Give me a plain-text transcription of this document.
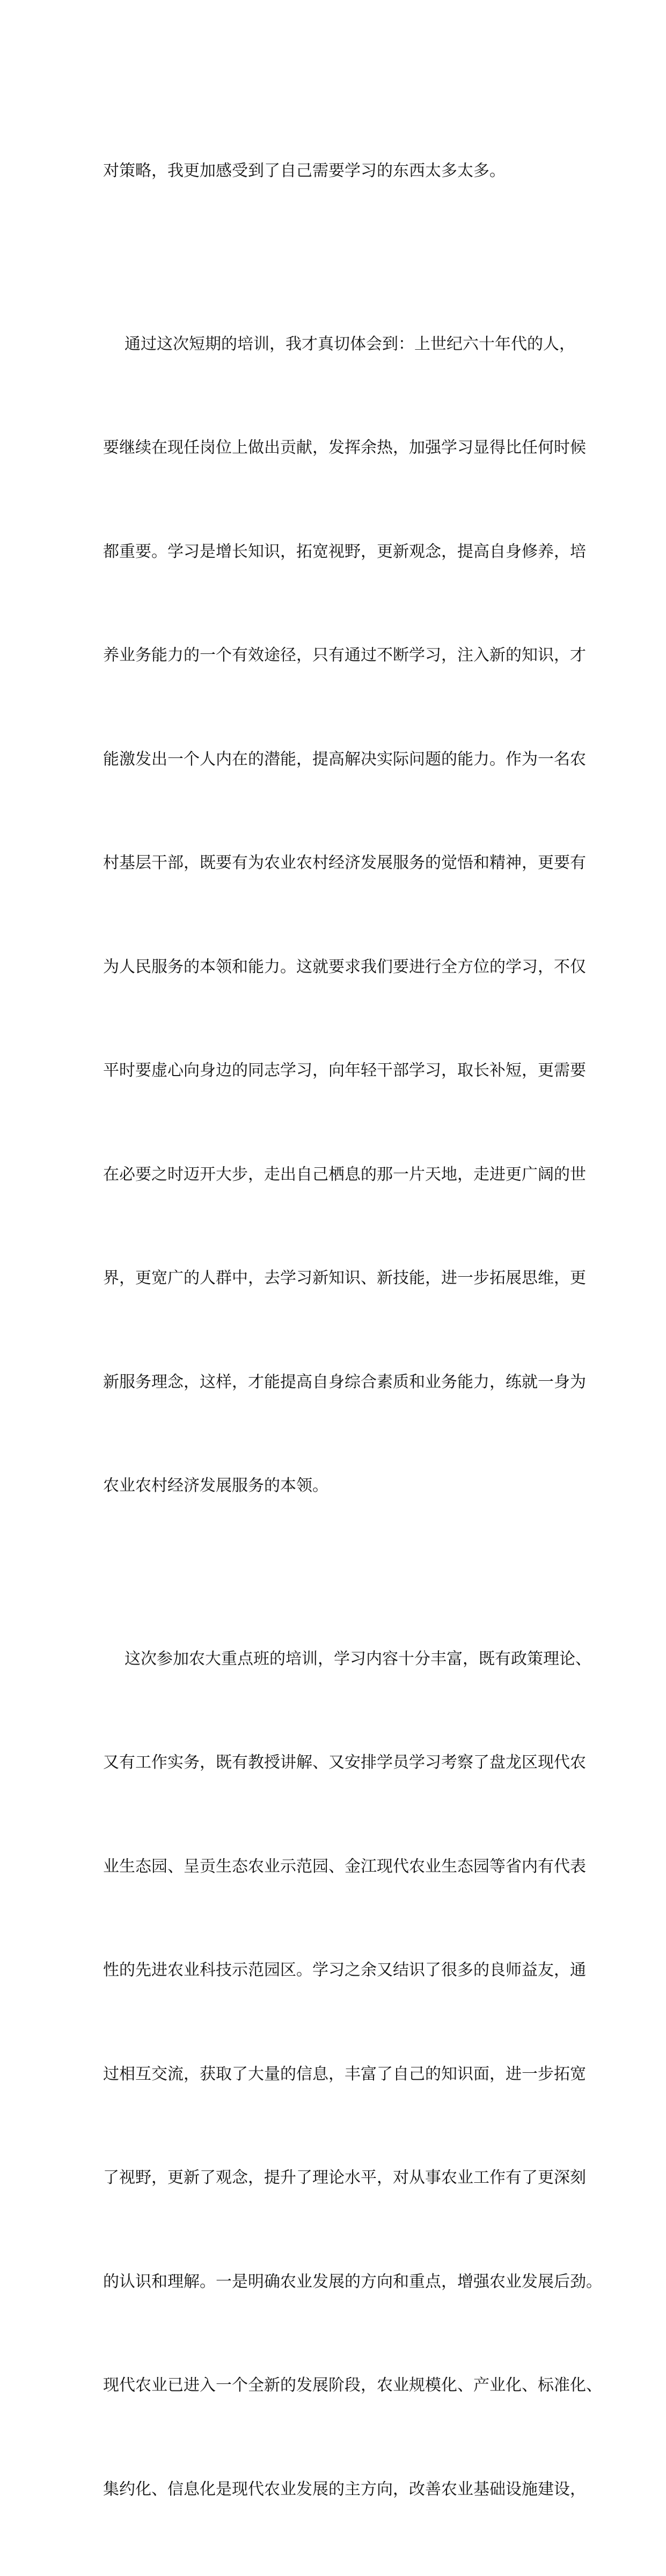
对策略，我更加感受到了自己需要学习的东西太多太多。

通过这次短期的培训，我才真切体会到：上世纪六十年代的人，

要继续在现任岗位上做出贡献，发挥余热，加强学习显得比任何时候

都重要。学习是增长知识，拓宽视野，更新观念，提高自身修养，培

养业务能力的一个有效途径，只有通过不断学习，注入新的知识，才

能激发出一个人内在的潜能，提高解决实际问题的能力。作为一名农

村基层干部，既要有为农业农村经济发展服务的觉悟和精神，更要有

为人民服务的本领和能力。这就要求我们要进行全方位的学习，不仅

平时要虚心向身边的同志学习，向年轻干部学习，取长补短，更需要

在必要之时迈开大步，走出自己栖息的那一片天地，走进更广阔的世

界，更宽广的人群中，去学习新知识、新技能，进一步拓展思维，更

新服务理念，这样，才能提高自身综合素质和业务能力，练就一身为

农业农村经济发展服务的本领。

这次参加农大重点班的培训，学习内容十分丰富，既有政策理论、

又有工作实务，既有教授讲解、又安排学员学习考察了盘龙区现代农

业生态园、呈贡生态农业示范园、金江现代农业生态园等省内有代表

性的先进农业科技示范园区。学习之余又结识了很多的良师益友，通

过相互交流，获取了大量的信息，丰富了自己的知识面，进一步拓宽

了视野，更新了观念，提升了理论水平，对从事农业工作有了更深刻

的认识和理解。一是明确农业发展的方向和重点，增强农业发展后劲。

现代农业已进入一个全新的发展阶段，农业规模化、产业化、标准化、

集约化、信息化是现代农业发展的主方向，改善农业基础设施建设，
